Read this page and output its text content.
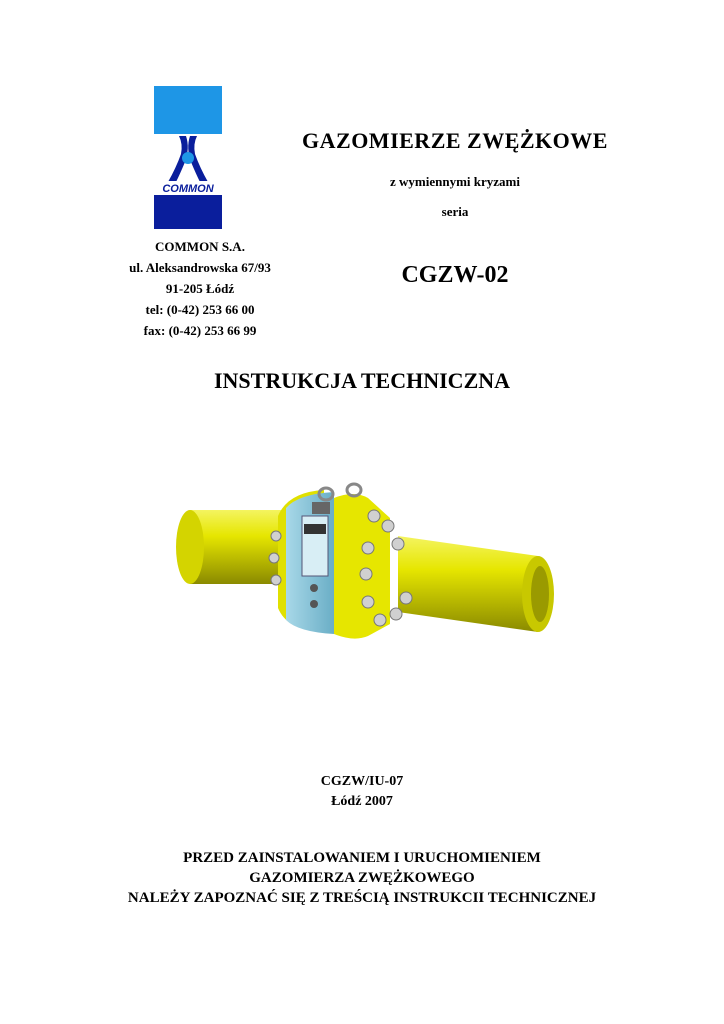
COMMON
COMMON S.A.
ul. Aleksandrowska 67/93
91-205 Łódź
tel: (0-42) 253 66 00
fax: (0-42) 253 66 99
GAZOMIERZE ZWĘŻKOWE
z wymiennymi kryzami
seria
CGZW-02
INSTRUKCJA TECHNICZNA
CGZW/IU-07
Łódź 2007
PRZED ZAINSTALOWANIEM I URUCHOMIENIEM
GAZOMIERZA ZWĘŻKOWEGO
NALEŻY ZAPOZNAĆ SIĘ Z TREŚCIĄ INSTRUKCII TECHNICZNEJ
